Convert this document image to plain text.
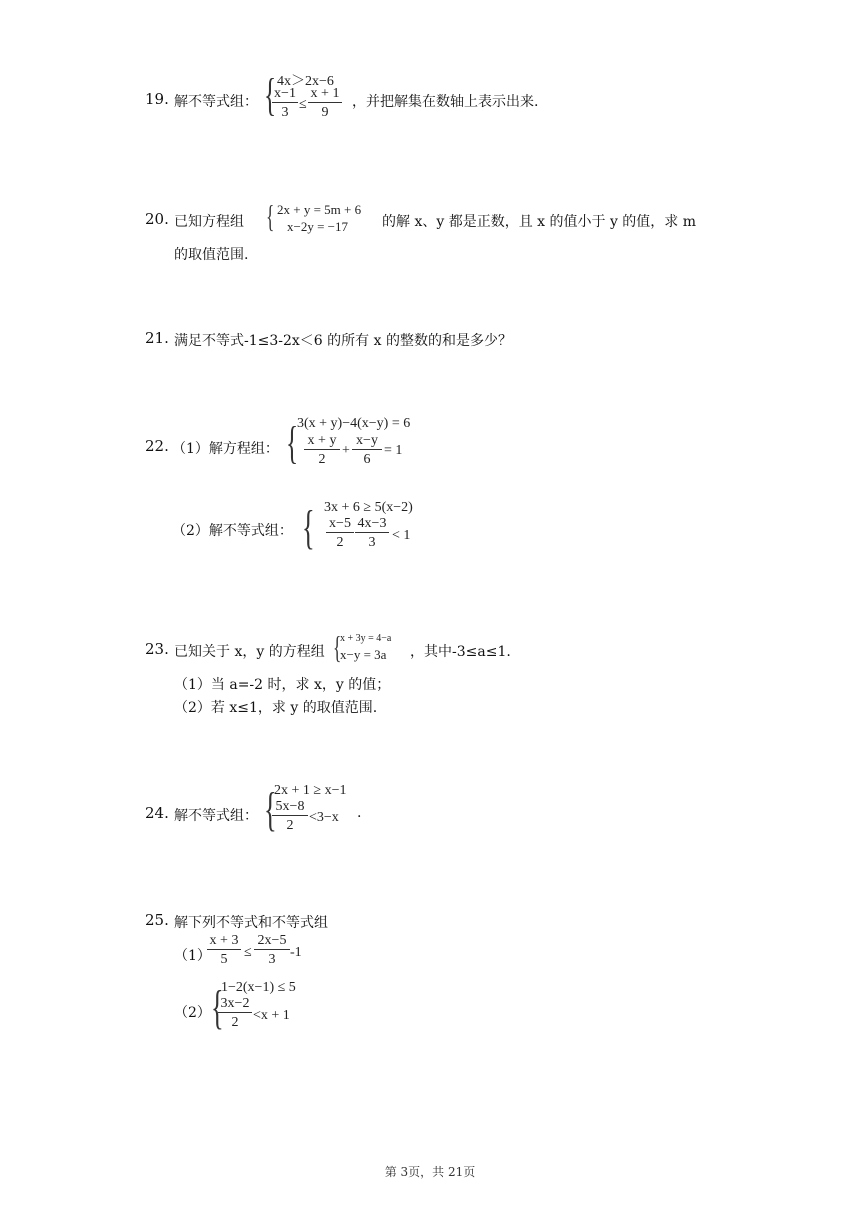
19. 解不等式组： { 4x＞2x−6
$\frac{x-1}{3} \le \frac{x + 1}{9}$ ，并把解集在数轴上表示出来.
20. 已知方程组 { 2x + y = 5m + 6
x−2y = −17 的解 x、y 都是正数，且 x 的值小于 y 的值，求 m
的取值范围.
21. 满足不等式-1≤3-2x＜6 的所有 x 的整数的和是多少？
22. （1）解方程组： {
3(x + y)−4(x−y) = 6
$\frac{x + y}{2} + \frac{x-y}{6} = 1$
（2）解不等式组： { 3x + 6 ≥ 5(x−2)
$\frac{x-5}{2} \frac{4x-3}{3} < 1$
23. 已知关于 x，y 的方程组 {
x + 3y = 4−a
x−y = 3a ，其中-3≤a≤1.
（1）当 a=-2 时，求 x，y 的值；
（2）若 x≤1，求 y 的取值范围.
24. 解不等式组： {
2x + 1 ≥ x−1
$\frac{5x-8}{2} <3-x$ .
25. 解下列不等式和不等式组
（1）
$\frac{x + 3}{5} \le \frac{2x-5}{3} -1$
（2） {
1−2(x−1) ≤ 5
$\frac{3x-2}{2} <x + 1$
第 3页，共 21页
